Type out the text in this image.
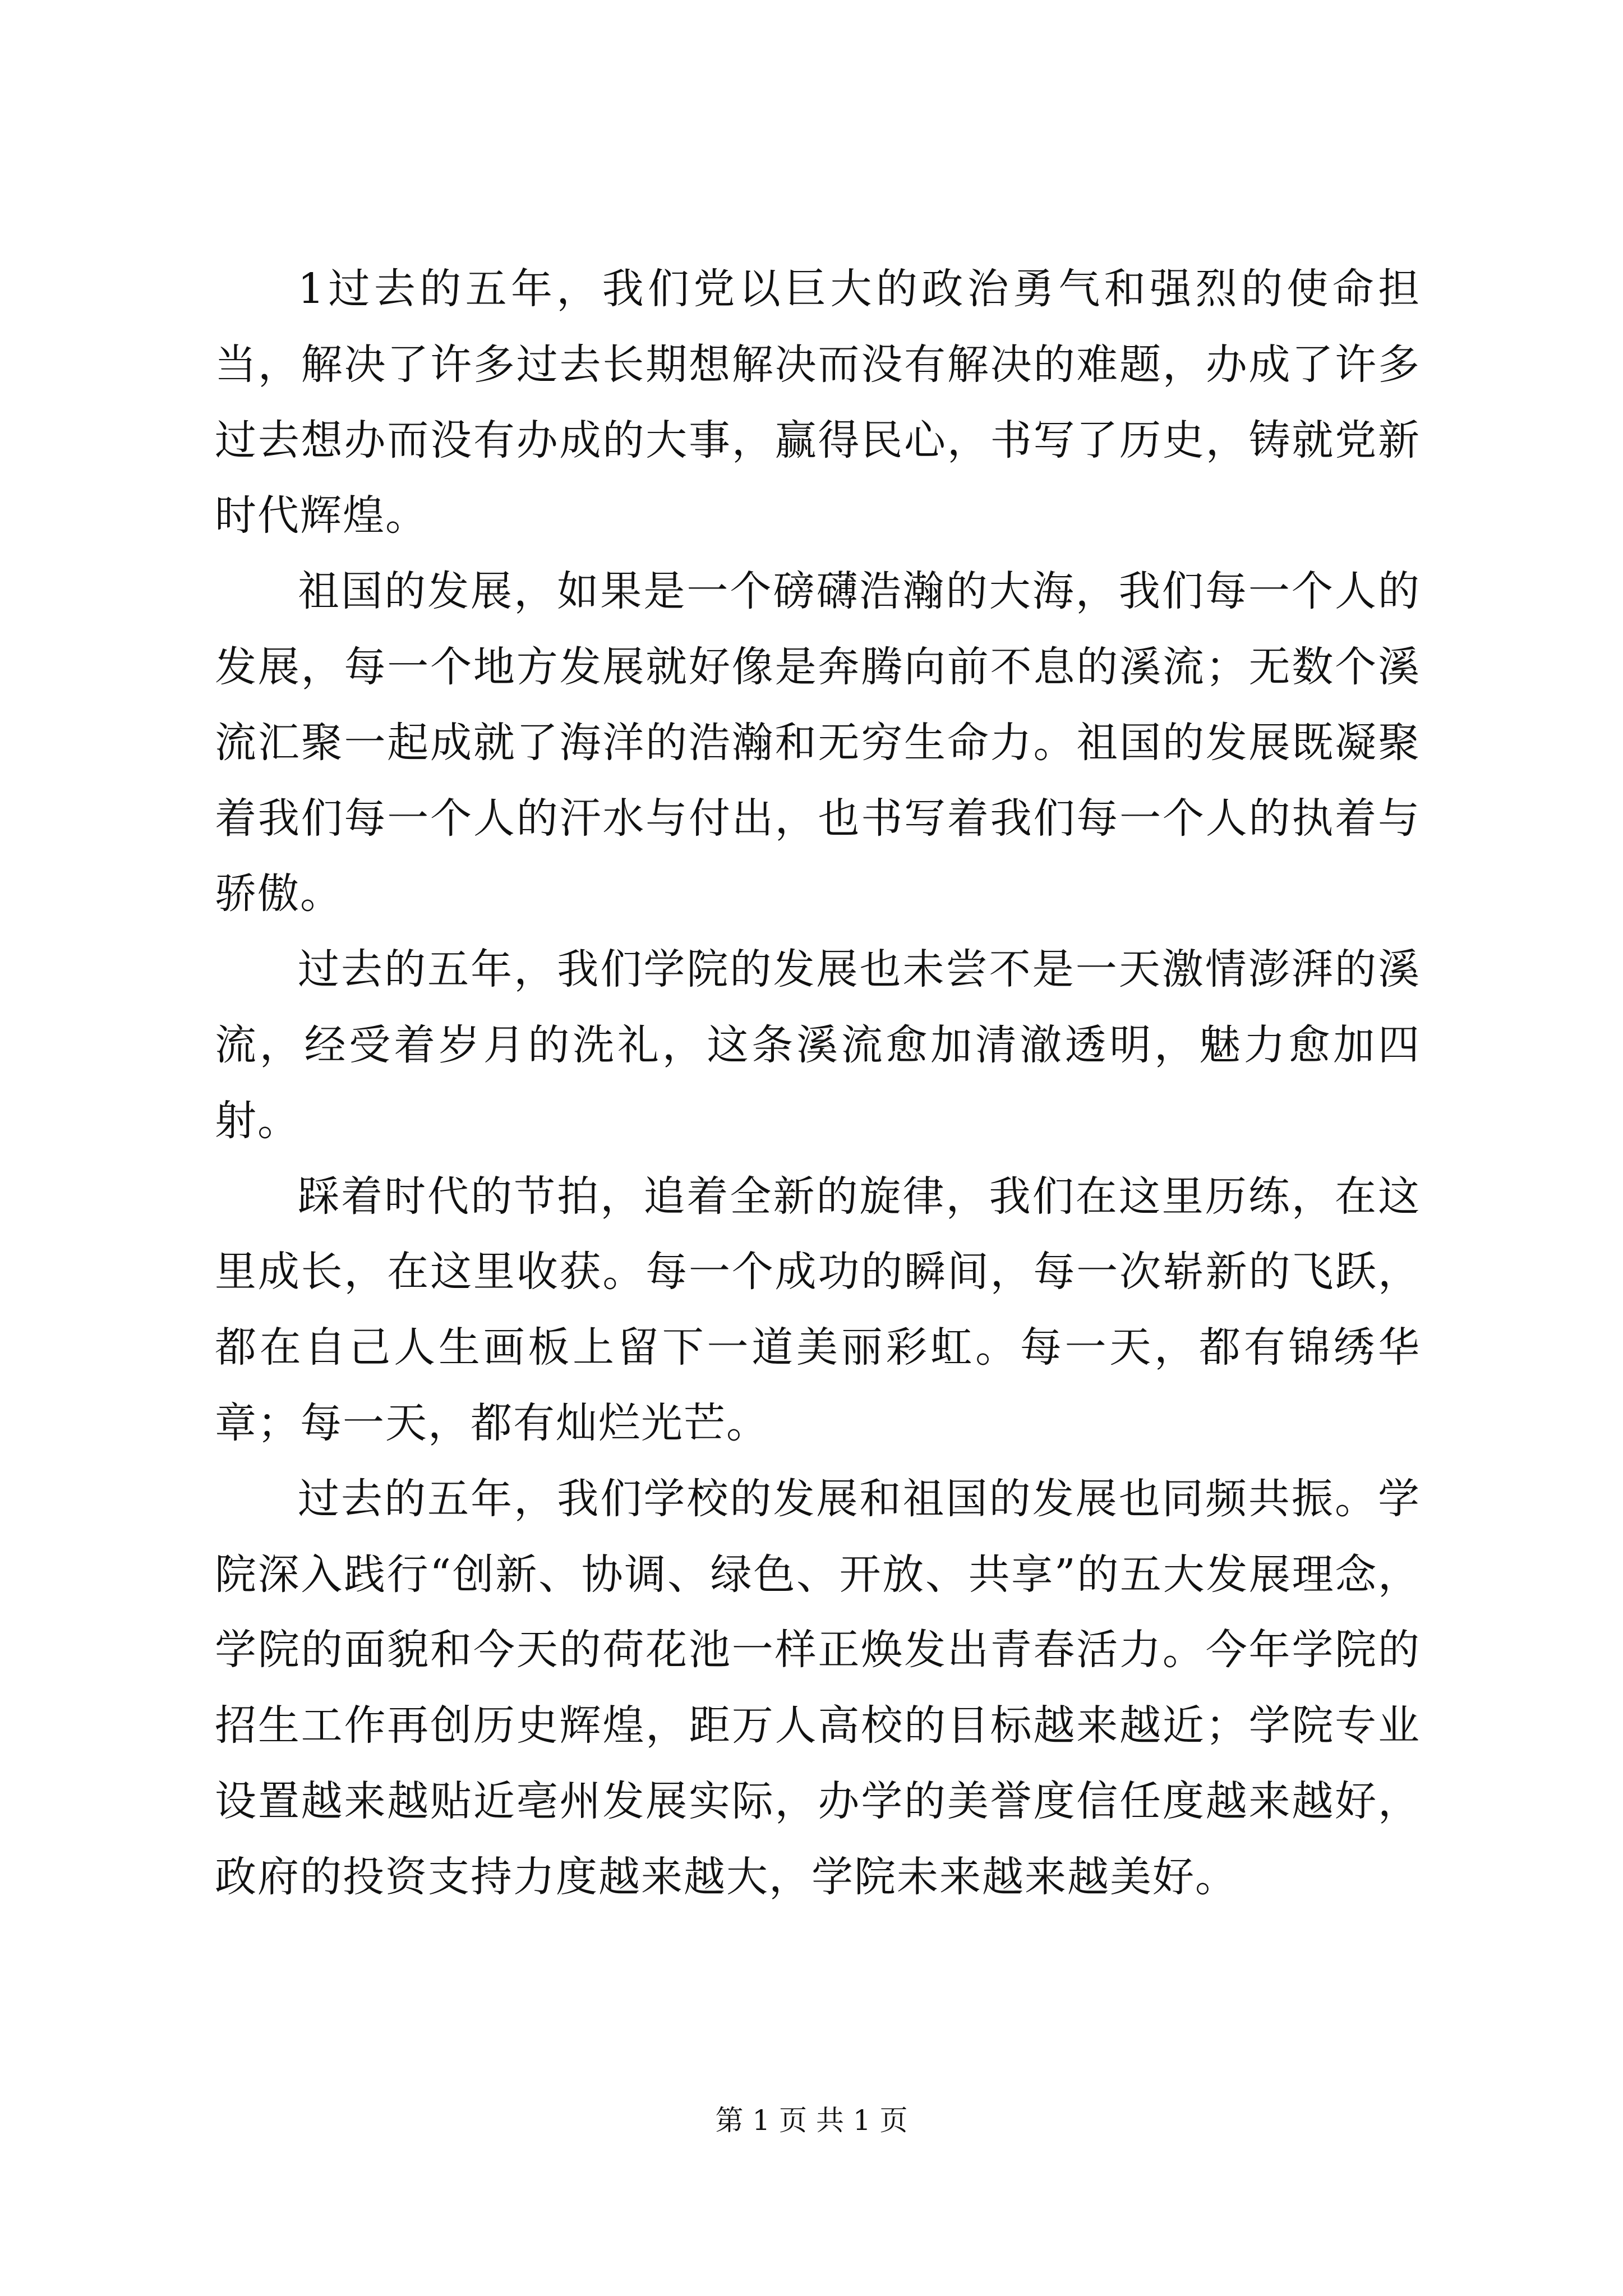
1过去的五年，我们党以巨大的政治勇气和强烈的使命担当，解决了许多过去长期想解决而没有解决的难题，办成了许多过去想办而没有办成的大事，赢得民心，书写了历史，铸就党新时代辉煌。

祖国的发展，如果是一个磅礴浩瀚的大海，我们每一个人的发展，每一个地方发展就好像是奔腾向前不息的溪流；无数个溪流汇聚一起成就了海洋的浩瀚和无穷生命力。祖国的发展既凝聚着我们每一个人的汗水与付出，也书写着我们每一个人的执着与骄傲。

过去的五年，我们学院的发展也未尝不是一天激情澎湃的溪流，经受着岁月的洗礼，这条溪流愈加清澈透明，魅力愈加四射。

踩着时代的节拍，追着全新的旋律，我们在这里历练，在这里成长，在这里收获。每一个成功的瞬间，每一次崭新的飞跃，都在自己人生画板上留下一道美丽彩虹。每一天，都有锦绣华章；每一天，都有灿烂光芒。

过去的五年，我们学校的发展和祖国的发展也同频共振。学院深入践行“创新、协调、绿色、开放、共享”的五大发展理念，学院的面貌和今天的荷花池一样正焕发出青春活力。今年学院的招生工作再创历史辉煌，距万人高校的目标越来越近；学院专业设置越来越贴近亳州发展实际，办学的美誉度信任度越来越好，政府的投资支持力度越来越大，学院未来越来越美好。

第 1 页 共 1 页
